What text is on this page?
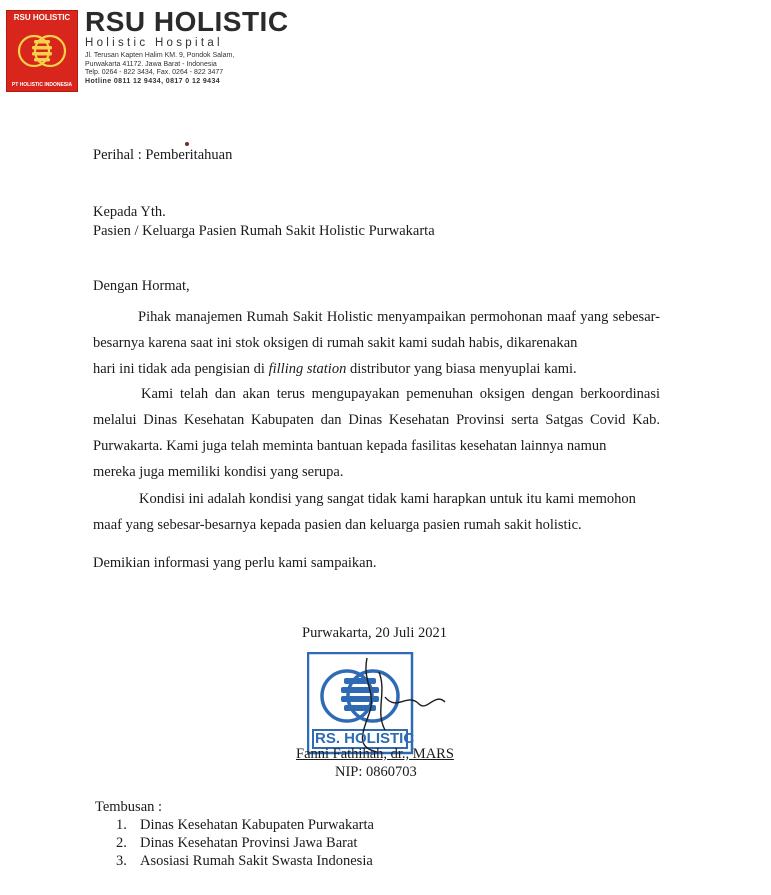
RSU HOLISTIC
PT HOLISTIC INDONESIA
RSU HOLISTIC
Holistic Hospital
Jl. Terusan Kapten Halim KM. 9, Pondok Salam,
Purwakarta 41172. Jawa Barat - Indonesia
Telp. 0264 - 822 3434, Fax. 0264 - 822 3477
Hotline 0811 12 9434, 0817 0 12 9434
Perihal : Pemberitahuan
Kepada Yth.
Pasien / Keluarga Pasien Rumah Sakit Holistic Purwakarta
Dengan Hormat,
Pihak manajemen Rumah Sakit Holistic menyampaikan permohonan maaf yang sebesar-besarnya karena saat ini stok oksigen di rumah sakit kami sudah habis, dikarenakan
hari ini tidak ada pengisian di filling station distributor yang biasa menyuplai kami.
Kami telah dan akan terus mengupayakan pemenuhan oksigen dengan berkoordinasi melalui Dinas Kesehatan Kabupaten dan Dinas Kesehatan Provinsi serta Satgas Covid Kab. Purwakarta. Kami juga telah meminta bantuan kepada fasilitas kesehatan lainnya namun
mereka juga memiliki kondisi yang serupa.
Kondisi ini adalah kondisi yang sangat tidak kami harapkan untuk itu kami memohon
maaf yang sebesar-besarnya kepada pasien dan keluarga pasien rumah sakit holistic.
Demikian informasi yang perlu kami sampaikan.
Purwakarta, 20 Juli 2021
RS. HOLISTIC
Fanni Fathihah, dr., MARS
NIP: 0860703
Tembusan :
1. Dinas Kesehatan Kabupaten Purwakarta
2. Dinas Kesehatan Provinsi Jawa Barat
3. Asosiasi Rumah Sakit Swasta Indonesia
